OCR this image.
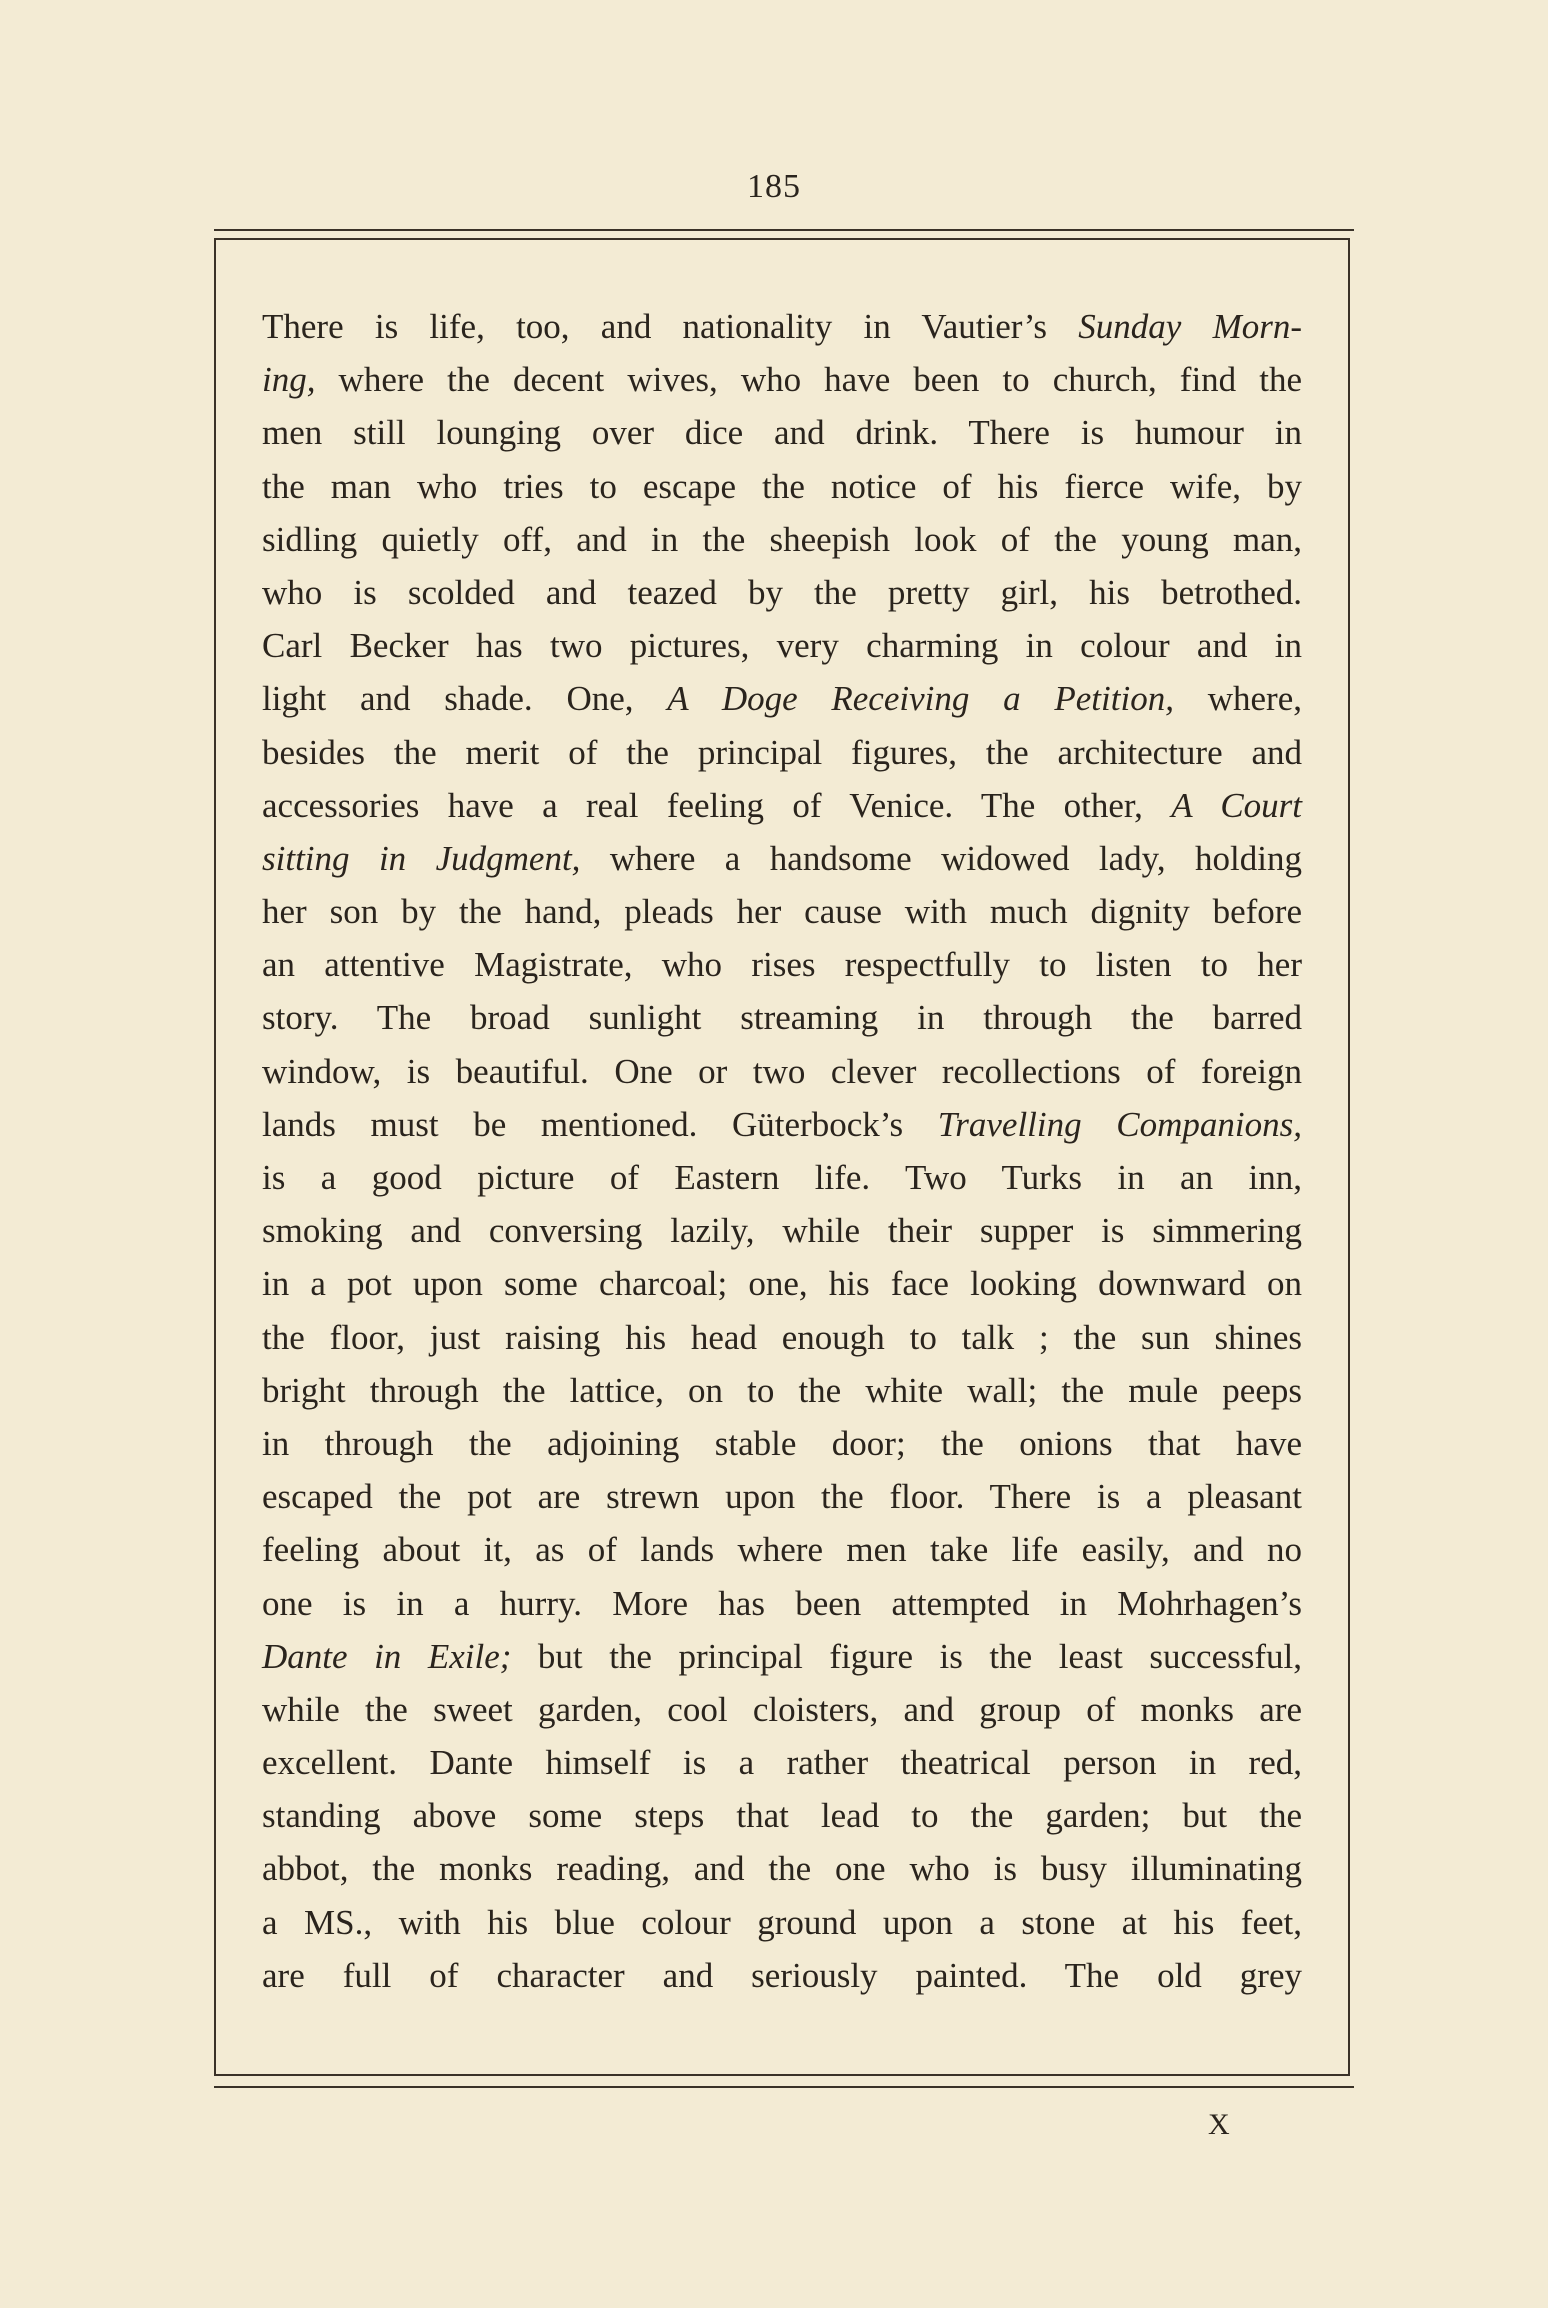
185
There is life, too, and nationality in Vautier’s Sunday Morn-
ing, where the decent wives, who have been to church, find the
men still lounging over dice and drink. There is humour in
the man who tries to escape the notice of his fierce wife, by
sidling quietly off, and in the sheepish look of the young man,
who is scolded and teazed by the pretty girl, his betrothed.
Carl Becker has two pictures, very charming in colour and in
light and shade. One, A Doge Receiving a Petition, where,
besides the merit of the principal figures, the architecture and
accessories have a real feeling of Venice. The other, A Court
sitting in Judgment, where a handsome widowed lady, holding
her son by the hand, pleads her cause with much dignity before
an attentive Magistrate, who rises respectfully to listen to her
story. The broad sunlight streaming in through the barred
window, is beautiful. One or two clever recollections of foreign
lands must be mentioned. Güterbock’s Travelling Companions,
is a good picture of Eastern life. Two Turks in an inn,
smoking and conversing lazily, while their supper is simmering
in a pot upon some charcoal; one, his face looking downward on
the floor, just raising his head enough to talk ; the sun shines
bright through the lattice, on to the white wall; the mule peeps
in through the adjoining stable door; the onions that have
escaped the pot are strewn upon the floor. There is a pleasant
feeling about it, as of lands where men take life easily, and no
one is in a hurry. More has been attempted in Mohrhagen’s
Dante in Exile; but the principal figure is the least successful,
while the sweet garden, cool cloisters, and group of monks are
excellent. Dante himself is a rather theatrical person in red,
standing above some steps that lead to the garden; but the
abbot, the monks reading, and the one who is busy illuminating
a MS., with his blue colour ground upon a stone at his feet,
are full of character and seriously painted. The old grey
X
